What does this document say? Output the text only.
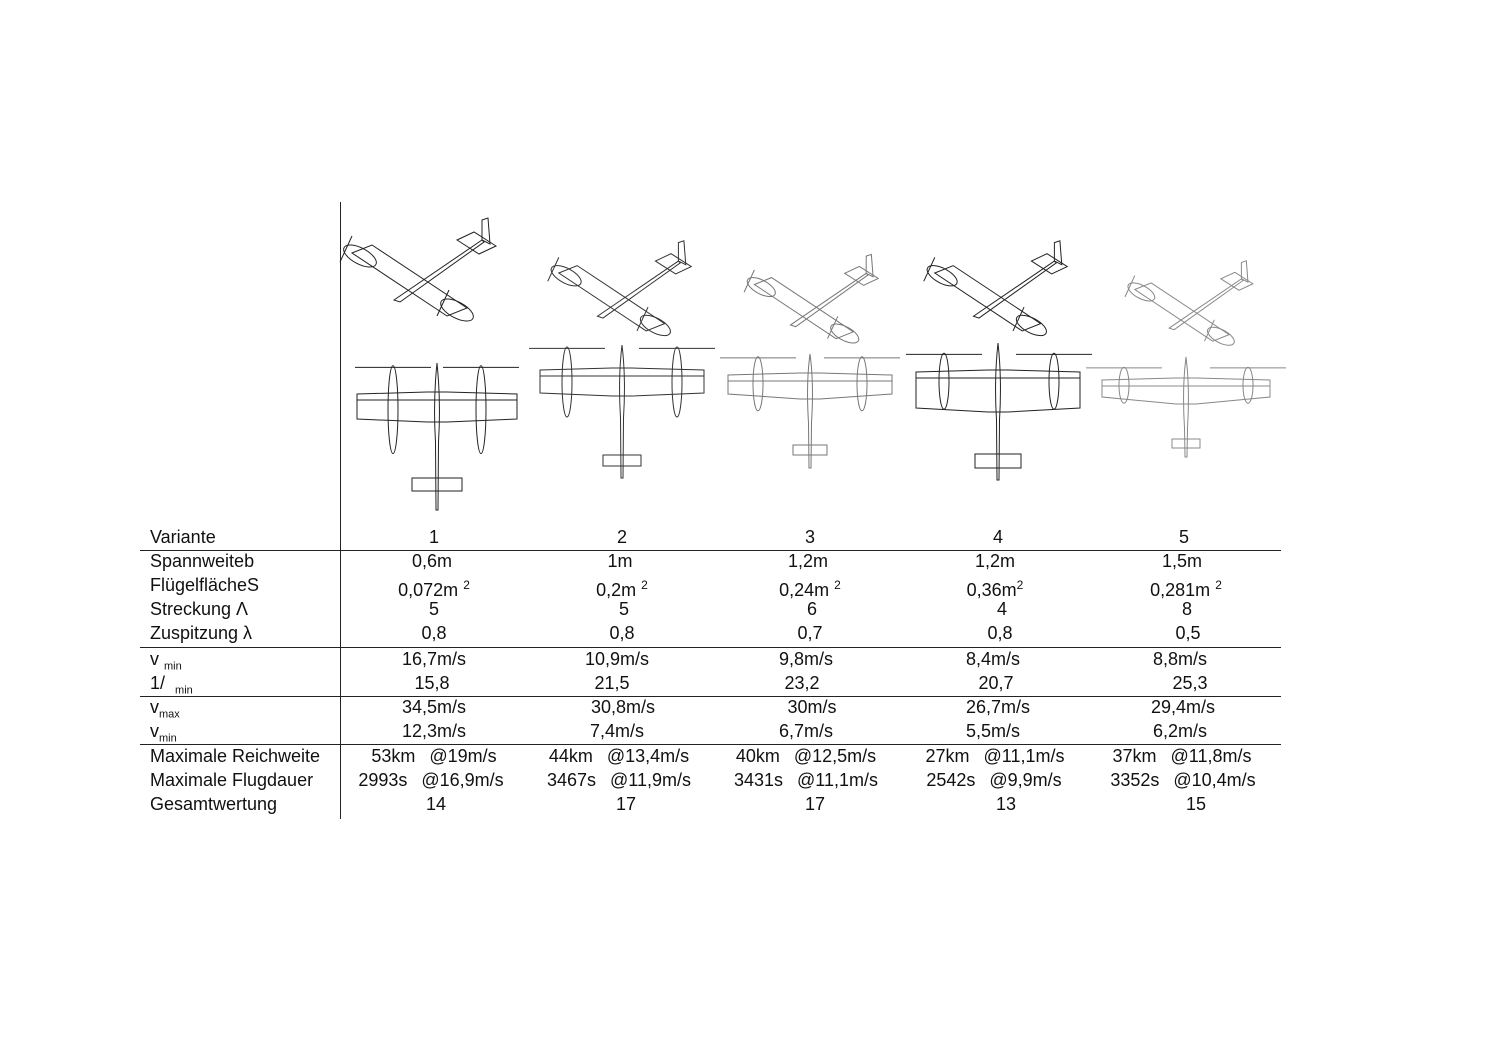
Variante
Spannweiteb
FlügelflächeS
Streckung Λ
Zuspitzung λ
v $_{min}$
1/ $_{min}$
$v_{max}$
$v_{min}$
Maximale Reichweite
Maximale Flugdauer
Gesamtwertung
1
0,6m
0,072m $^2$
5
0,8
16,7m/s
15,8
34,5m/s
12,3m/s
53km @19m/s
2993s @16,9m/s
14
2
1m
0,2m $^2$
5
0,8
10,9m/s
21,5
30,8m/s
7,4m/s
44km @13,4m/s
3467s @11,9m/s
17
3
1,2m
0,24m $^2$
6
0,7
9,8m/s
23,2
30m/s
6,7m/s
40km @12,5m/s
3431s @11,1m/s
17
4
1,2m
$0,36m^2$
4
0,8
8,4m/s
20,7
26,7m/s
5,5m/s
27km @11,1m/s
2542s @9,9m/s
13
5
1,5m
0,281m $^2$
8
0,5
8,8m/s
25,3
29,4m/s
6,2m/s
37km @11,8m/s
3352s @10,4m/s
15
